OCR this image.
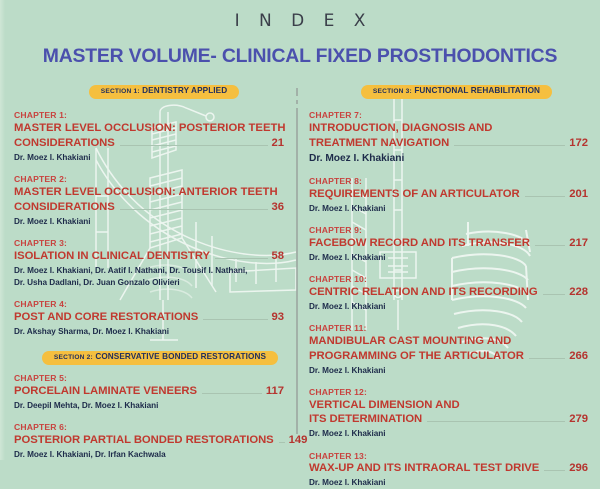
I N D E X
MASTER VOLUME- CLINICAL FIXED PROSTHODONTICS
SECTION 1: DENTISTRY APPLIED
CHAPTER 1:
MASTER LEVEL OCCLUSION: POSTERIOR TEETH
CONSIDERATIONS	21
Dr. Moez I. Khakiani
CHAPTER 2:
MASTER LEVEL OCCLUSION: ANTERIOR TEETH
CONSIDERATIONS	36
Dr. Moez I. Khakiani
CHAPTER 3:
ISOLATION IN CLINICAL DENTISTRY	58
Dr. Moez I. Khakiani, Dr. Aatif I. Nathani, Dr. Tousif I. Nathani,
Dr. Usha Dadlani, Dr. Juan Gonzalo Olivieri
CHAPTER 4:
POST AND CORE RESTORATIONS	93
Dr. Akshay Sharma, Dr. Moez I. Khakiani
SECTION 2: CONSERVATIVE BONDED RESTORATIONS
CHAPTER 5:
PORCELAIN LAMINATE VENEERS	117
Dr. Deepil Mehta, Dr. Moez I. Khakiani
CHAPTER 6:
POSTERIOR PARTIAL BONDED RESTORATIONS 149
Dr. Moez I. Khakiani, Dr. Irfan Kachwala
SECTION 3: FUNCTIONAL REHABILITATION
CHAPTER 7:
INTRODUCTION, DIAGNOSIS AND
TREATMENT NAVIGATION	172
Dr. Moez I. Khakiani
CHAPTER 8:
REQUIREMENTS OF AN ARTICULATOR	201
Dr. Moez I. Khakiani
CHAPTER 9:
FACEBOW RECORD AND ITS TRANSFER	217
Dr. Moez I. Khakiani
CHAPTER 10:
CENTRIC RELATION AND ITS RECORDING	228
Dr. Moez I. Khakiani
CHAPTER 11:
MANDIBULAR CAST MOUNTING AND
PROGRAMMING OF THE ARTICULATOR	266
Dr. Moez I. Khakiani
CHAPTER 12:
VERTICAL DIMENSION AND
ITS DETERMINATION	279
Dr. Moez I. Khakiani
CHAPTER 13:
WAX-UP AND ITS INTRAORAL TEST DRIVE	296
Dr. Moez I. Khakiani
